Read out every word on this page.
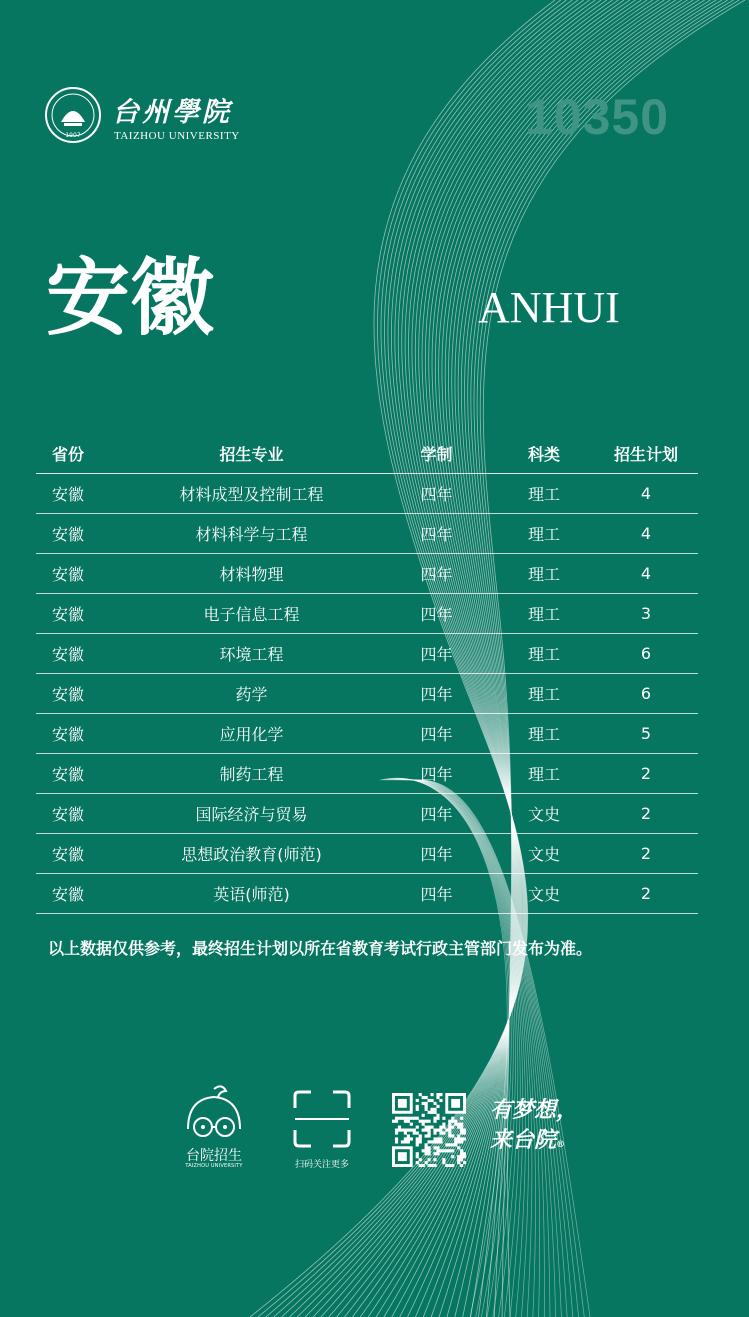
1907
台州學院
TAIZHOU UNIVERSITY	10350
安徽	ANHUI
省份	招生专业	学制	科类	招生计划
安徽	材料成型及控制工程	四年	理工	4
安徽	材料科学与工程	四年	理工	4
安徽	材料物理	四年	理工	4
安徽	电子信息工程	四年	理工	3
安徽	环境工程	四年	理工	6
安徽	药学	四年	理工	6
安徽	应用化学	四年	理工	5
安徽	制药工程	四年	理工	2
安徽	国际经济与贸易	四年	文史	2
安徽	思想政治教育(师范)	四年	文史	2
安徽	英语(师范)	四年	文史	2
以上数据仅供参考，最终招生计划以所在省教育考试行政主管部门发布为准。
台院招生
TAIZHOU UNIVERSITY	扫码关注更多
有梦想，
来台院®
